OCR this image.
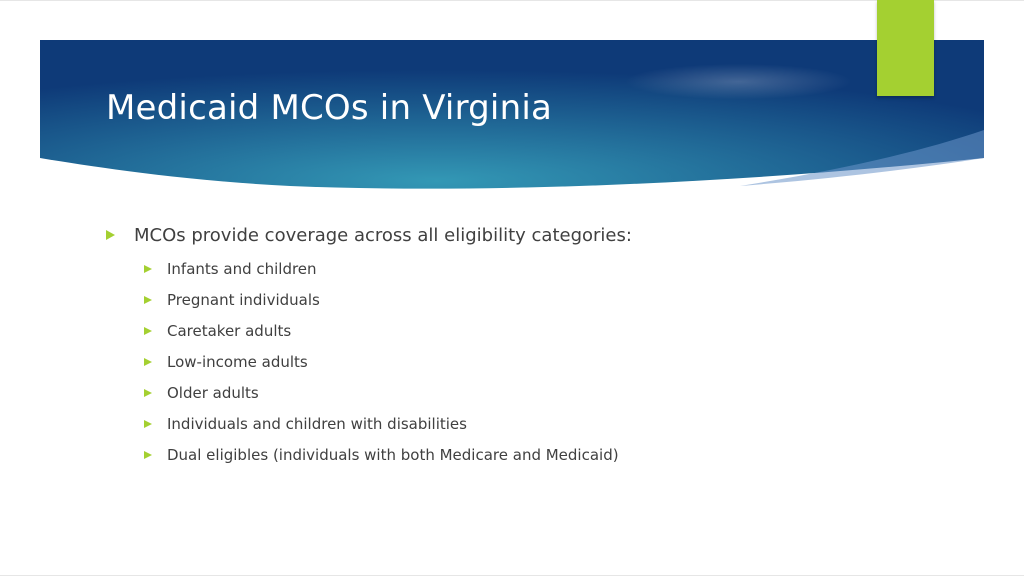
Medicaid MCOs in Virginia
MCOs provide coverage across all eligibility categories:
Infants and children
Pregnant individuals
Caretaker adults
Low-income adults
Older adults
Individuals and children with disabilities
Dual eligibles (individuals with both Medicare and Medicaid)
